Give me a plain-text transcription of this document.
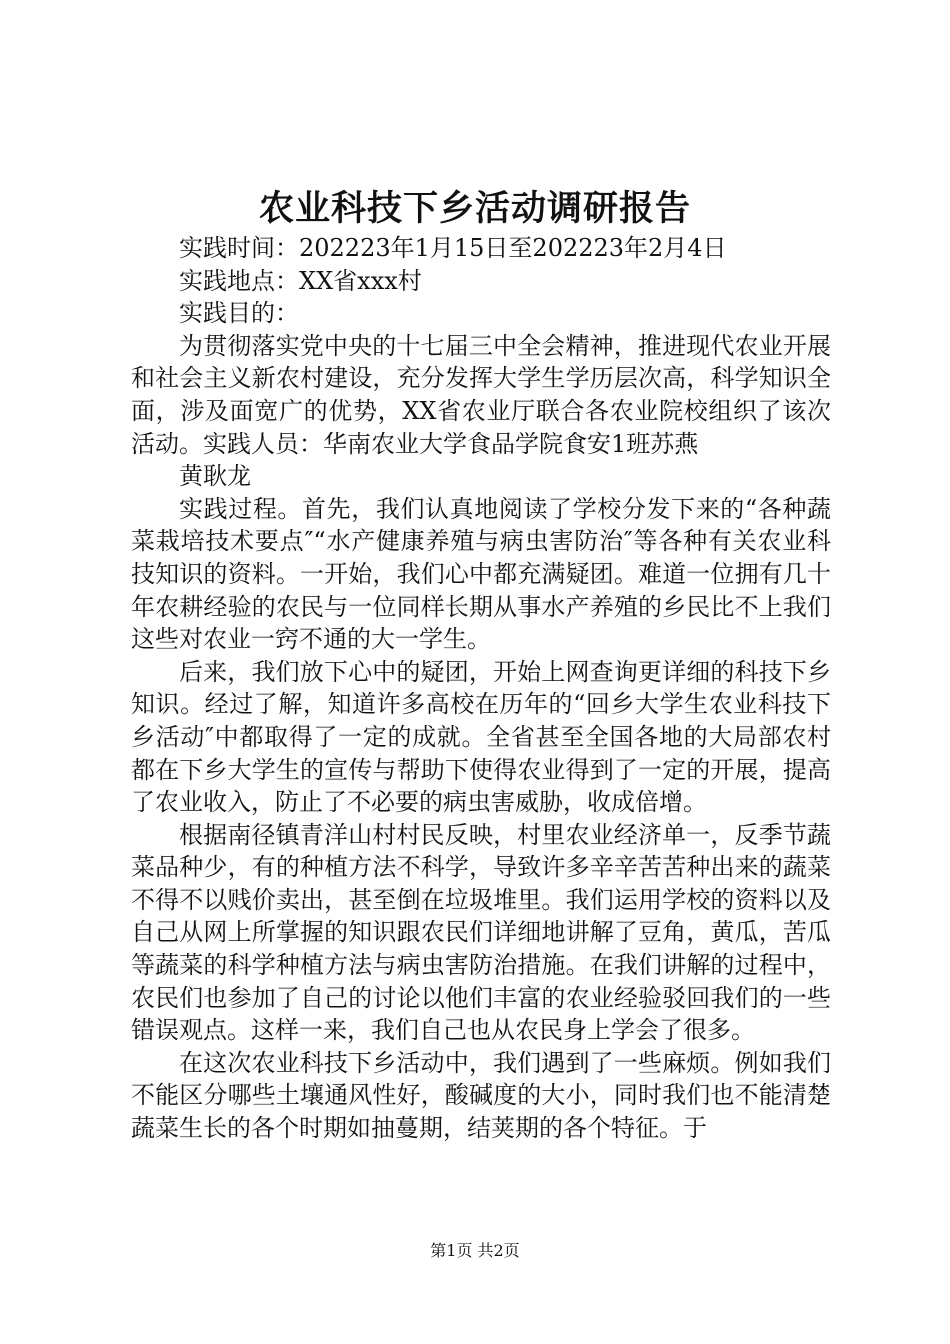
农业科技下乡活动调研报告

实践时间：202223年1月15日至202223年2月4日

实践地点：XX省xxx村

实践目的：

为贯彻落实党中央的十七届三中全会精神，推进现代农业开展和社会主义新农村建设，充分发挥大学生学历层次高，科学知识全面，涉及面宽广的优势，XX省农业厅联合各农业院校组织了该次活动。实践人员：华南农业大学食品学院食安1班苏燕

黄耿龙

实践过程。首先，我们认真地阅读了学校分发下来的“各种蔬菜栽培技术要点″“水产健康养殖与病虫害防治″等各种有关农业科技知识的资料。一开始，我们心中都充满疑团。难道一位拥有几十年农耕经验的农民与一位同样长期从事水产养殖的乡民比不上我们这些对农业一窍不通的大一学生。

后来，我们放下心中的疑团，开始上网查询更详细的科技下乡知识。经过了解，知道许多高校在历年的“回乡大学生农业科技下乡活动″中都取得了一定的成就。全省甚至全国各地的大局部农村都在下乡大学生的宣传与帮助下使得农业得到了一定的开展，提高了农业收入，防止了不必要的病虫害威胁，收成倍增。

根据南径镇青洋山村村民反映，村里农业经济单一，反季节蔬菜品种少，有的种植方法不科学，导致许多辛辛苦苦种出来的蔬菜不得不以贱价卖出，甚至倒在垃圾堆里。我们运用学校的资料以及自己从网上所掌握的知识跟农民们详细地讲解了豆角，黄瓜，苦瓜等蔬菜的科学种植方法与病虫害防治措施。在我们讲解的过程中，农民们也参加了自己的讨论以他们丰富的农业经验驳回我们的一些错误观点。这样一来，我们自己也从农民身上学会了很多。

在这次农业科技下乡活动中，我们遇到了一些麻烦。例如我们不能区分哪些土壤通风性好，酸碱度的大小，同时我们也不能清楚蔬菜生长的各个时期如抽蔓期，结荚期的各个特征。于

第1页 共2页
